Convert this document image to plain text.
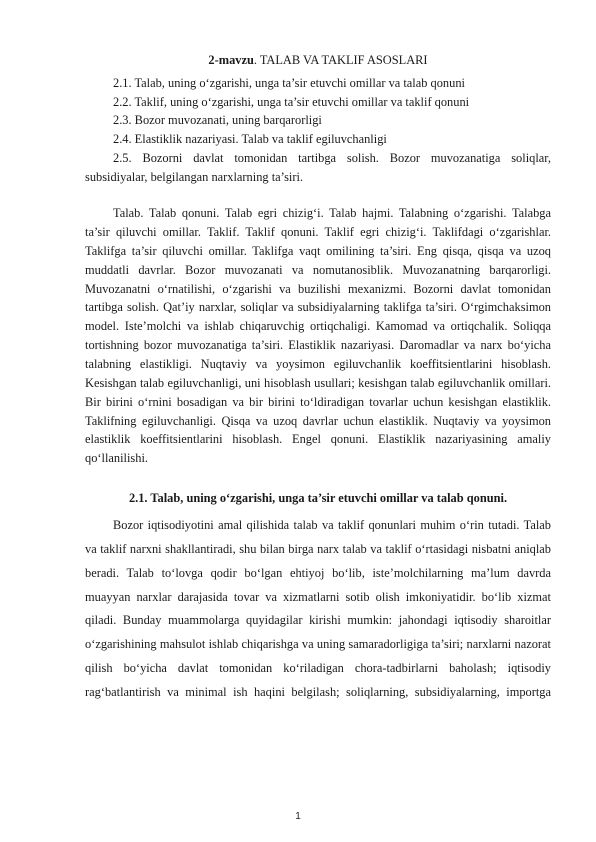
2-mavzu. TALAB VA TAKLIF ASOSLARI

2.1. Talab, uning o‘zgarishi, unga ta’sir etuvchi omillar va talab qonuni

2.2. Taklif, uning o‘zgarishi, unga ta’sir etuvchi omillar va taklif qonuni

2.3. Bozor muvozanati, uning barqarorligi

2.4. Elastiklik nazariyasi. Talab va taklif egiluvchanligi

2.5. Bozorni davlat tomonidan tartibga solish. Bozor muvozanatiga soliqlar, subsidiyalar, belgilangan narxlarning ta’siri.

Talab. Talab qonuni. Talab egri chizig‘i. Talab hajmi. Talabning o‘zgarishi. Talabga ta’sir qiluvchi omillar. Taklif. Taklif qonuni. Taklif egri chizig‘i. Taklifdagi o‘zgarishlar. Taklifga ta’sir qiluvchi omillar. Taklifga vaqt omilining ta’siri. Eng qisqa, qisqa va uzoq muddatli davrlar. Bozor muvozanati va nomutanosiblik. Muvozanatning barqarorligi. Muvozanatni o‘rnatilishi, o‘zgarishi va buzilishi mexanizmi. Bozorni davlat tomonidan tartibga solish. Qat’iy narxlar, soliqlar va subsidiyalarning taklifga ta’siri. O‘rgimchaksimon model. Iste’molchi va ishlab chiqaruvchig ortiqchaligi. Kamomad va ortiqchalik. Soliqqa tortishning bozor muvozanatiga ta’siri. Elastiklik nazariyasi. Daromadlar va narx bo‘yicha talabning elastikligi. Nuqtaviy va yoysimon egiluvchanlik koeffitsientlarini hisoblash. Kesishgan talab egiluvchanligi, uni hisoblash usullari; kesishgan talab egiluvchanlik omillari. Bir birini o‘rnini bosadigan va bir birini to‘ldiradigan tovarlar uchun kesishgan elastiklik. Taklifning egiluvchanligi. Qisqa va uzoq davrlar uchun elastiklik. Nuqtaviy va yoysimon elastiklik koeffitsientlarini hisoblash. Engel qonuni. Elastiklik nazariyasining amaliy qo‘llanilishi.

2.1. Talab, uning o‘zgarishi, unga ta’sir etuvchi omillar va talab qonuni.

Bozor iqtisodiyotini amal qilishida talab va taklif qonunlari muhim o‘rin tutadi. Talab va taklif narxni shakllantiradi, shu bilan birga narx talab va taklif o‘rtasidagi nisbatni aniqlab beradi. Talab to‘lovga qodir bo‘lgan ehtiyoj bo‘lib, iste’molchilarning ma’lum davrda muayyan narxlar darajasida tovar va xizmatlarni sotib olish imkoniyatidir. bo‘lib xizmat qiladi. Bunday muammolarga quyidagilar kirishi mumkin: jahondagi iqtisodiy sharoitlar o‘zgarishining mahsulot ishlab chiqarishga va uning samaradorligiga ta’siri; narxlarni nazorat qilish bo‘yicha davlat tomonidan ko‘riladigan chora-tadbirlarni baholash; iqtisodiy rag‘batlantirish va minimal ish haqini belgilash; soliqlarning, subsidiyalarning, importga

1
